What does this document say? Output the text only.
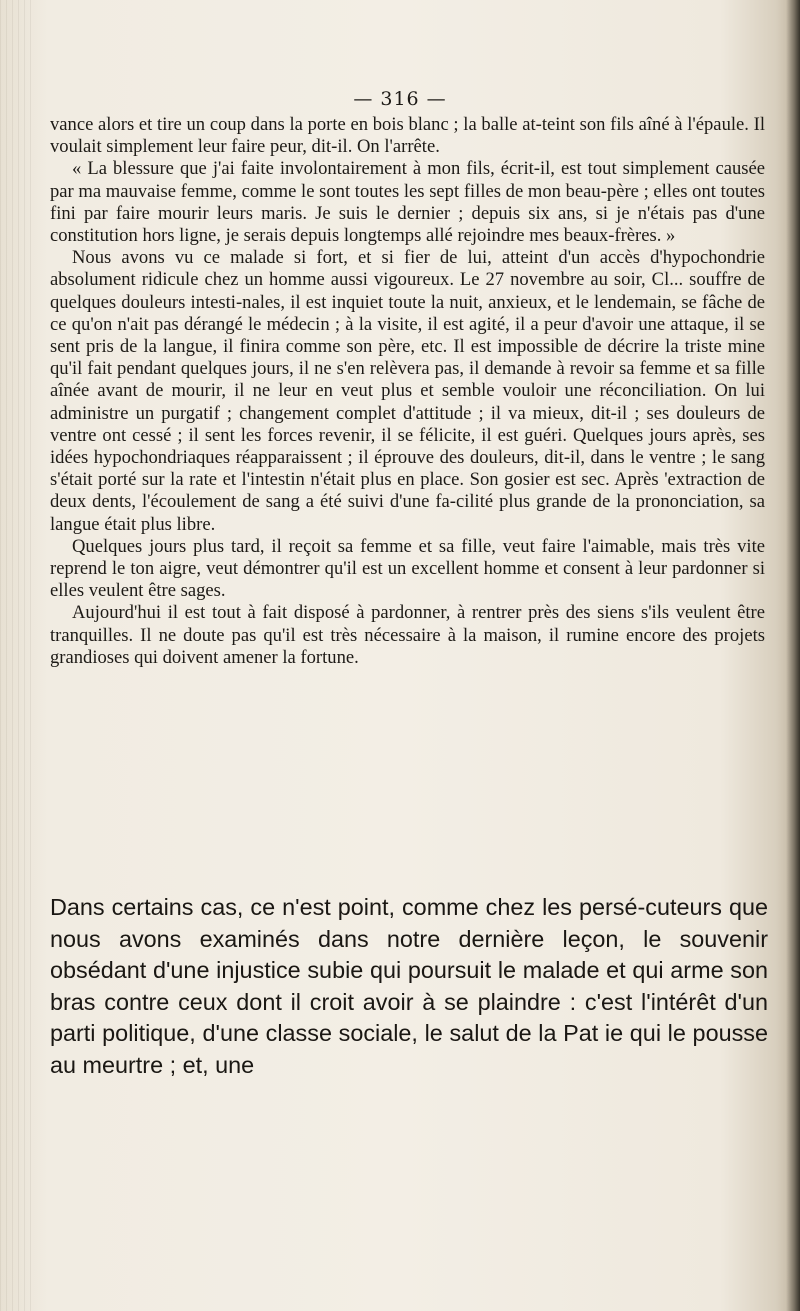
— 316 —

vance alors et tire un coup dans la porte en bois blanc ; la balle at-teint son fils aîné à l'épaule. Il voulait simplement leur faire peur, dit-il. On l'arrête.

« La blessure que j'ai faite involontairement à mon fils, écrit-il, est tout simplement causée par ma mauvaise femme, comme le sont toutes les sept filles de mon beau-père ; elles ont toutes fini par faire mourir leurs maris. Je suis le dernier ; depuis six ans, si je n'étais pas d'une constitution hors ligne, je serais depuis longtemps allé rejoindre mes beaux-frères. »

Nous avons vu ce malade si fort, et si fier de lui, atteint d'un accès d'hypochondrie absolument ridicule chez un homme aussi vigoureux. Le 27 novembre au soir, Cl... souffre de quelques douleurs intesti-nales, il est inquiet toute la nuit, anxieux, et le lendemain, se fâche de ce qu'on n'ait pas dérangé le médecin ; à la visite, il est agité, il a peur d'avoir une attaque, il se sent pris de la langue, il finira comme son père, etc. Il est impossible de décrire la triste mine qu'il fait pendant quelques jours, il ne s'en relèvera pas, il demande à revoir sa femme et sa fille aînée avant de mourir, il ne leur en veut plus et semble vouloir une réconciliation. On lui administre un purgatif ; changement complet d'attitude ; il va mieux, dit-il ; ses douleurs de ventre ont cessé ; il sent les forces revenir, il se félicite, il est guéri. Quelques jours après, ses idées hypochondriaques réapparaissent ; il éprouve des douleurs, dit-il, dans le ventre ; le sang s'était porté sur la rate et l'intestin n'était plus en place. Son gosier est sec. Après 'extraction de deux dents, l'écoulement de sang a été suivi d'une fa-cilité plus grande de la prononciation, sa langue était plus libre.

Quelques jours plus tard, il reçoit sa femme et sa fille, veut faire l'aimable, mais très vite reprend le ton aigre, veut démontrer qu'il est un excellent homme et consent à leur pardonner si elles veulent être sages.

Aujourd'hui il est tout à fait disposé à pardonner, à rentrer près des siens s'ils veulent être tranquilles. Il ne doute pas qu'il est très nécessaire à la maison, il rumine encore des projets grandioses qui doivent amener la fortune.

Dans certains cas, ce n'est point, comme chez les persé-cuteurs que nous avons examinés dans notre dernière leçon, le souvenir obsédant d'une injustice subie qui poursuit le malade et qui arme son bras contre ceux dont il croit avoir à se plaindre : c'est l'intérêt d'un parti politique, d'une classe sociale, le salut de la Pat ie qui le pousse au meurtre ; et, une
